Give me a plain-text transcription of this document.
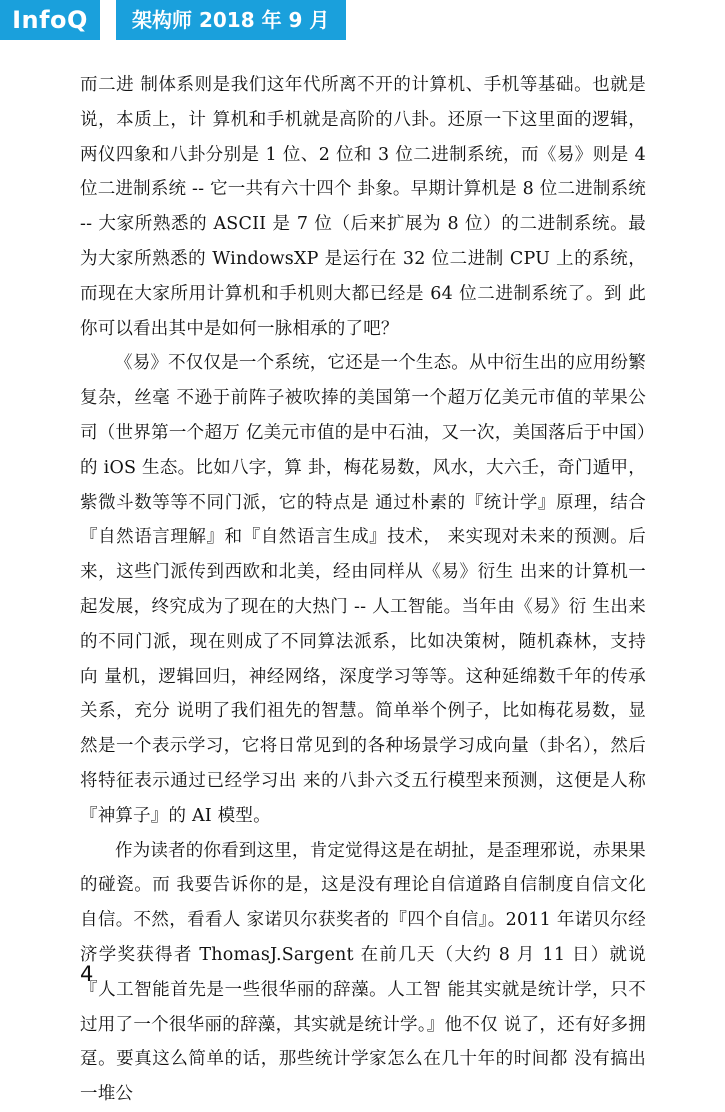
InfoQ	架构师 2018 年 9 月

而二进 制体系则是我们这年代所离不开的计算机、手机等基础。也就是说，本质上，计 算机和手机就是高阶的八卦。还原一下这里面的逻辑，两仪四象和八卦分别是 1 位、2 位和 3 位二进制系统，而《易》则是 4 位二进制系统 -- 它一共有六十四个 卦象。早期计算机是 8 位二进制系统 -- 大家所熟悉的 ASCII 是 7 位（后来扩展为 8 位）的二进制系统。最为大家所熟悉的 WindowsXP 是运行在 32 位二进制 CPU 上的系统，而现在大家所用计算机和手机则大都已经是 64 位二进制系统了。到 此你可以看出其中是如何一脉相承的了吧？

《易》不仅仅是一个系统，它还是一个生态。从中衍生出的应用纷繁复杂，丝毫 不逊于前阵子被吹捧的美国第一个超万亿美元市值的苹果公司（世界第一个超万 亿美元市值的是中石油，又一次，美国落后于中国）的 iOS 生态。比如八字，算 卦，梅花易数，风水，大六壬，奇门遁甲，紫微斗数等等不同门派，它的特点是 通过朴素的『统计学』原理，结合『自然语言理解』和『自然语言生成』技术， 来实现对未来的预测。后来，这些门派传到西欧和北美，经由同样从《易》衍生 出来的计算机一起发展，终究成为了现在的大热门 -- 人工智能。当年由《易》衍 生出来的不同门派，现在则成了不同算法派系，比如决策树，随机森林，支持向 量机，逻辑回归，神经网络，深度学习等等。这种延绵数千年的传承关系，充分 说明了我们祖先的智慧。简单举个例子，比如梅花易数，显然是一个表示学习，它将日常见到的各种场景学习成向量（卦名），然后将特征表示通过已经学习出 来的八卦六爻五行模型来预测，这便是人称『神算子』的 AI 模型。

作为读者的你看到这里，肯定觉得这是在胡扯，是歪理邪说，赤果果的碰瓷。而 我要告诉你的是，这是没有理论自信道路自信制度自信文化自信。不然，看看人 家诺贝尔获奖者的『四个自信』。2011 年诺贝尔经济学奖获得者 ThomasJ.Sargent 在前几天（大约 8 月 11 日）就说『人工智能首先是一些很华丽的辞藻。人工智 能其实就是统计学，只不过用了一个很华丽的辞藻，其实就是统计学。』他不仅 说了，还有好多拥趸。要真这么简单的话，那些统计学家怎么在几十年的时间都 没有搞出一堆公

4
